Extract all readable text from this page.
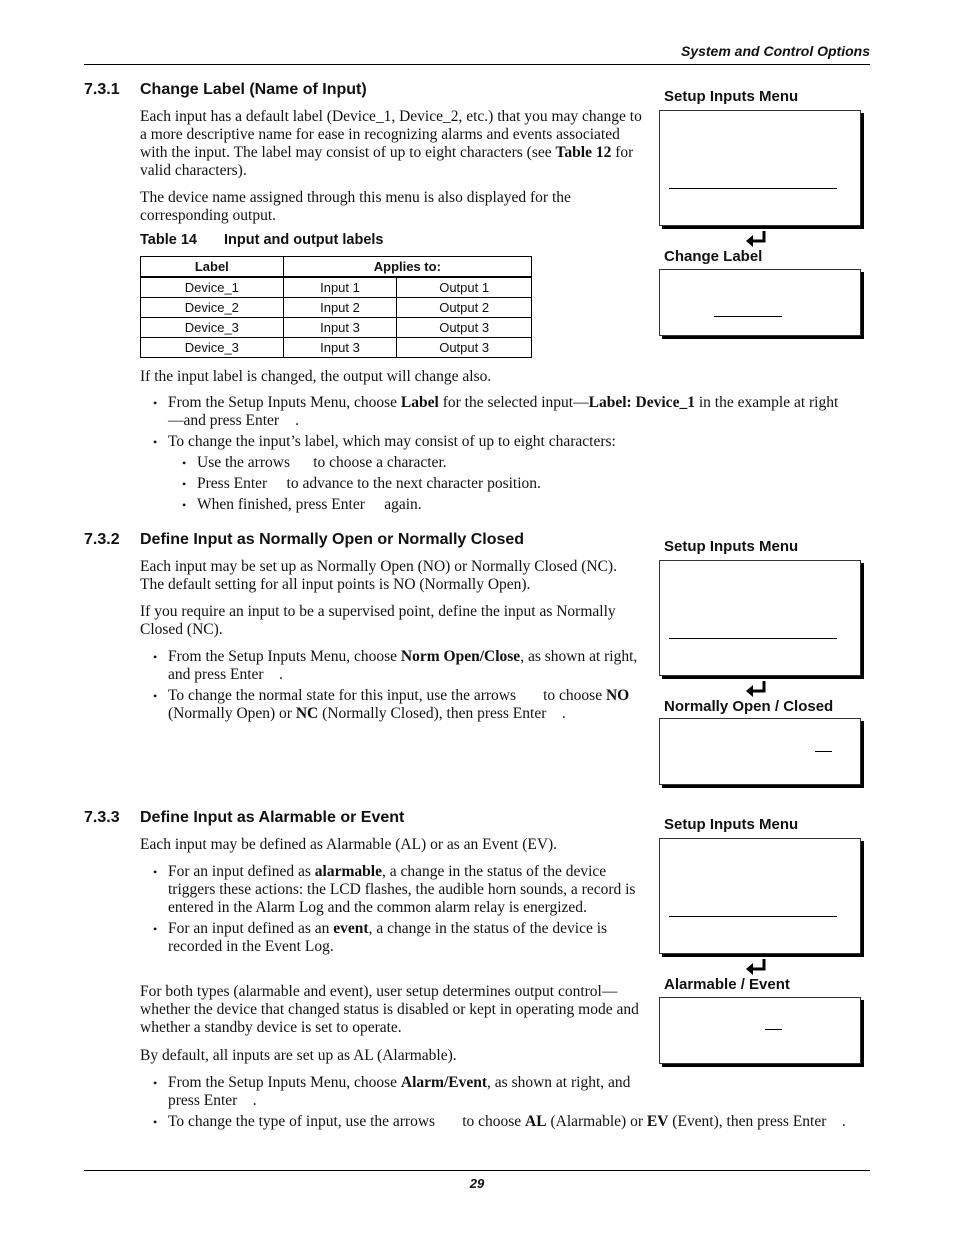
System and Control Options
29
7.3.1 Change Label (Name of Input)

Each input has a default label (Device_1, Device_2, etc.) that you may change to a more descriptive name for ease in recognizing alarms and events associated with the input. The label may consist of up to eight characters (see Table 12 for valid characters).

The device name assigned through this menu is also displayed for the corresponding output.
Table 14 Input and output labels
Label	Applies to:	
Device_1	Input 1	Output 1
Device_2	Input 2	Output 2
Device_3	Input 3	Output 3
Device_3	Input 3	Output 3
If the input label is changed, the output will change also.
• From the Setup Inputs Menu, choose Label for the selected input—Label: Device_1 in the example at right—and press Enter .
• To change the input’s label, which may consist of up to eight characters:
• Use the arrows      to choose a character.
• Press Enter     to advance to the next character position.
• When finished, press Enter     again.
Setup Inputs Menu
Change Label
7.3.2 Define Input as Normally Open or Normally Closed
Each input may be set up as Normally Open (NO) or Normally Closed (NC). The default setting for all input points is NO (Normally Open).
If you require an input to be a supervised point, define the input as Normally Closed (NC).
• From the Setup Inputs Menu, choose Norm Open/Close, as shown at right, and press Enter    .
• To change the normal state for this input, use the arrows       to choose NO (Normally Open) or NC (Normally Closed), then press Enter    .
Setup Inputs Menu
Normally Open / Closed
7.3.3 Define Input as Alarmable or Event
Each input may be defined as Alarmable (AL) or as an Event (EV).
• For an input defined as alarmable, a change in the status of the device triggers these actions: the LCD flashes, the audible horn sounds, a record is entered in the Alarm Log and the common alarm relay is energized.
• For an input defined as an event, a change in the status of the device is recorded in the Event Log.
For both types (alarmable and event), user setup determines output control—whether the device that changed status is disabled or kept in operating mode and whether a standby device is set to operate.
By default, all inputs are set up as AL (Alarmable).
• From the Setup Inputs Menu, choose Alarm/Event, as shown at right, and press Enter    .
• To change the type of input, use the arrows       to choose AL (Alarmable) or EV (Event), then press Enter    .
Setup Inputs Menu
Alarmable / Event
